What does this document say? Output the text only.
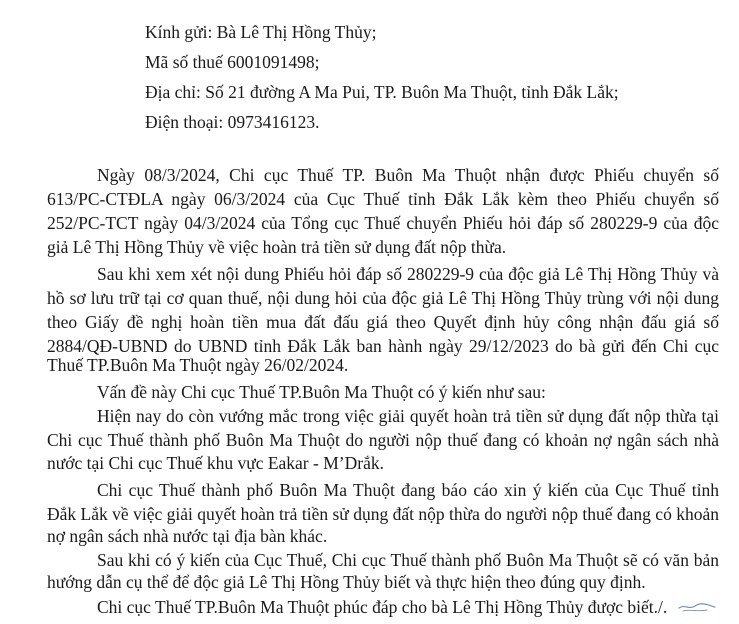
Kính gửi: Bà Lê Thị Hồng Thủy;
Mã số thuế 6001091498;
Địa chỉ: Số 21 đường A Ma Pui, TP. Buôn Ma Thuột, tỉnh Đắk Lắk;
Điện thoại: 0973416123.
Ngày 08/3/2024, Chi cục Thuế TP. Buôn Ma Thuột nhận được Phiếu chuyển số
613/PC-CTĐLA ngày 06/3/2024 của Cục Thuế tỉnh Đắk Lắk kèm theo Phiếu chuyển số
252/PC-TCT ngày 04/3/2024 của Tổng cục Thuế chuyển Phiếu hỏi đáp số 280229-9 của độc
giả Lê Thị Hồng Thủy về việc hoàn trả tiền sử dụng đất nộp thừa.
Sau khi xem xét nội dung Phiếu hỏi đáp số 280229-9 của độc giả Lê Thị Hồng Thủy và
hồ sơ lưu trữ tại cơ quan thuế, nội dung hỏi của độc giả Lê Thị Hồng Thủy trùng với nội dung
theo Giấy đề nghị hoàn tiền mua đất đấu giá theo Quyết định hủy công nhận đấu giá số
2884/QĐ-UBND do UBND tỉnh Đắk Lắk ban hành ngày 29/12/2023 do bà gửi đến Chi cục
Thuế TP.Buôn Ma Thuột ngày 26/02/2024.
Vấn đề này Chi cục Thuế TP.Buôn Ma Thuột có ý kiến như sau:
Hiện nay do còn vướng mắc trong việc giải quyết hoàn trả tiền sử dụng đất nộp thừa tại
Chi cục Thuế thành phố Buôn Ma Thuột do người nộp thuế đang có khoản nợ ngân sách nhà
nước tại Chi cục Thuế khu vực Eakar - M’Drắk.
Chi cục Thuế thành phố Buôn Ma Thuột đang báo cáo xin ý kiến của Cục Thuế tỉnh
Đắk Lắk về việc giải quyết hoàn trả tiền sử dụng đất nộp thừa do người nộp thuế đang có khoản
nợ ngân sách nhà nước tại địa bàn khác.
Sau khi có ý kiến của Cục Thuế, Chi cục Thuế thành phố Buôn Ma Thuột sẽ có văn bản
hướng dẫn cụ thể để độc giả Lê Thị Hồng Thủy biết và thực hiện theo đúng quy định.
Chi cục Thuế TP.Buôn Ma Thuột phúc đáp cho bà Lê Thị Hồng Thủy được biết./.
